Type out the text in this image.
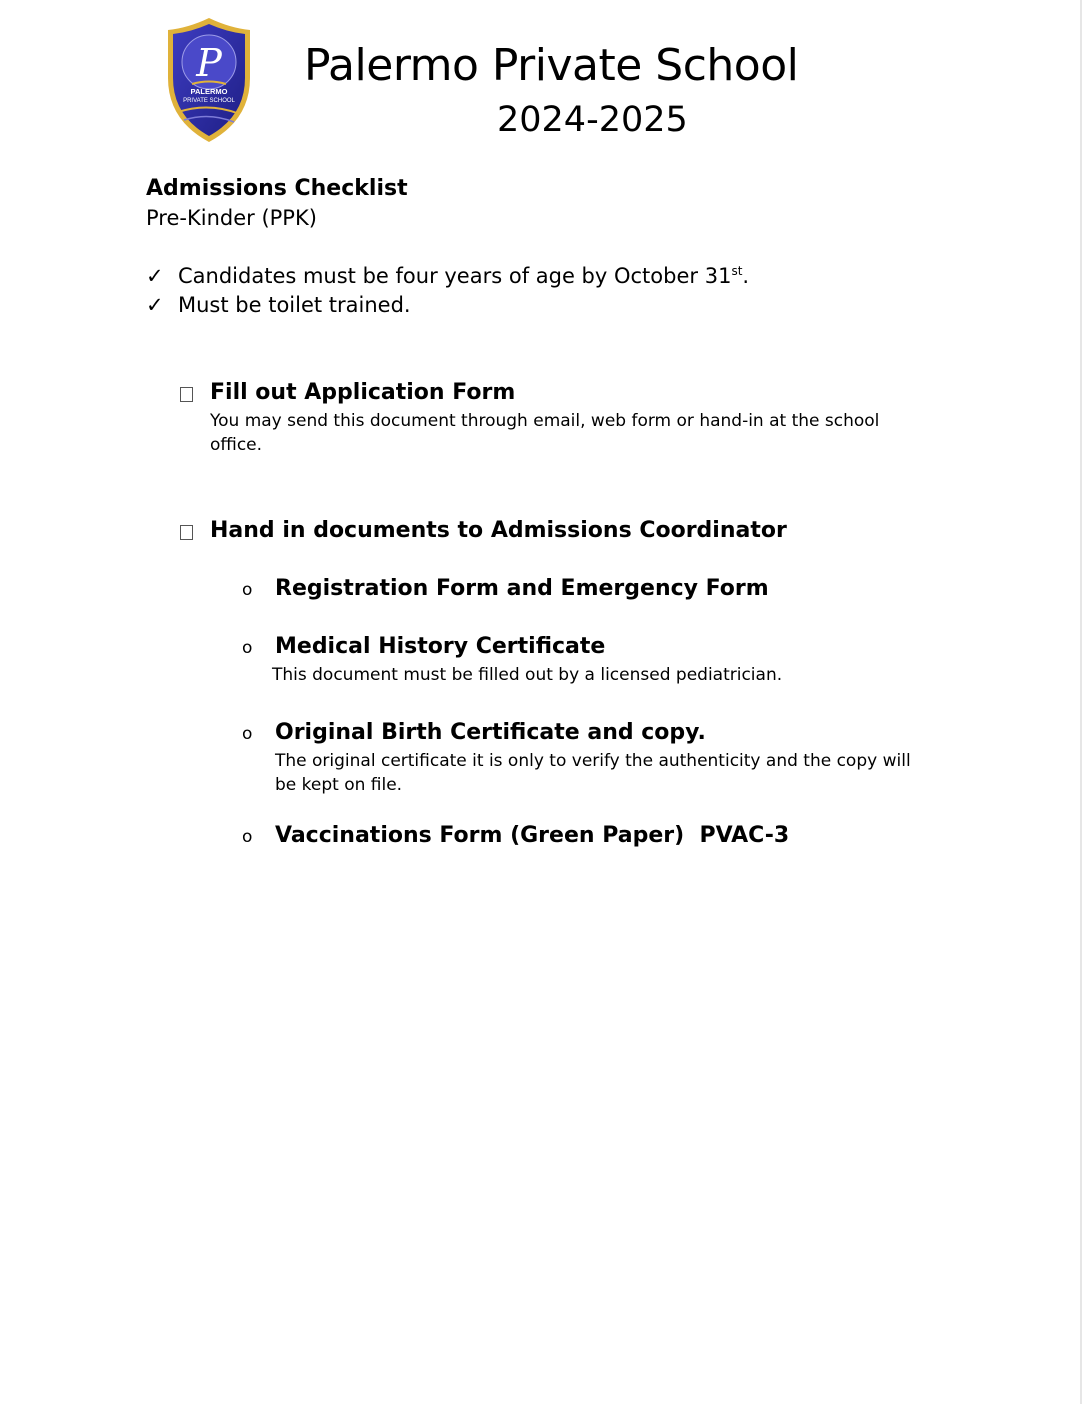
P
PALERMO
PRIVATE SCHOOL
Palermo Private School
2024-2025
Admissions Checklist
Pre-Kinder (PPK)
✓ Candidates must be four years of age by October 31st.
✓ Must be toilet trained.
Fill out Application Form
You may send this document through email, web form or hand-in at the school office.
Hand in documents to Admissions Coordinator
o Registration Form and Emergency Form
o Medical History Certificate
This document must be filled out by a licensed pediatrician.
o Original Birth Certificate and copy.
The original certificate it is only to verify the authenticity and the copy will be kept on file.
o Vaccinations Form (Green Paper)  PVAC-3
